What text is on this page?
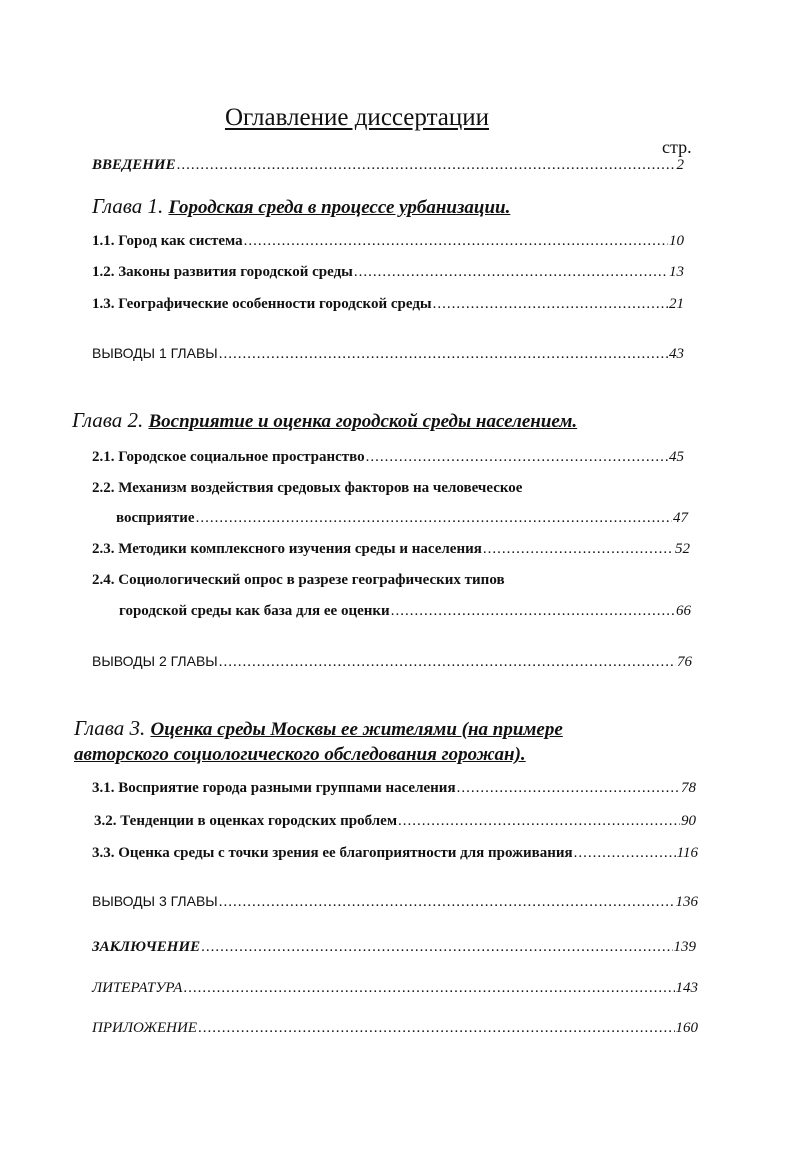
Оглавление диссертации
стр.
ВВЕДЕНИЕ .....	2
Глава 1. Городская среда в процессе урбанизации.
1.1. Город как система .....	10
1.2. Законы развития городской среды .....	13
1.3. Географические особенности городской среды .....	21
ВЫВОДЫ 1 ГЛАВЫ .....	43
Глава 2. Восприятие и оценка городской среды населением.
2.1. Городское социальное пространство .....	45
2.2. Механизм воздействия средовых факторов на человеческое
восприятие .....	47
2.3. Методики комплексного изучения среды и населения .....	52
2.4. Социологический опрос в разрезе географических типов
городской среды как база для ее оценки .....	66
ВЫВОДЫ 2 ГЛАВЫ .....	76
Глава 3. Оценка среды Москвы ее жителями (на примере
авторского социологического обследования горожан).
3.1. Восприятие города разными группами населения .....	78
3.2. Тенденции в оценках городских проблем .....	90
3.3. Оценка среды с точки зрения ее благоприятности для проживания .....	116
ВЫВОДЫ 3 ГЛАВЫ .....	136
ЗАКЛЮЧЕНИЕ .....	139
ЛИТЕРАТУРА .....	143
ПРИЛОЖЕНИЕ .....	160
